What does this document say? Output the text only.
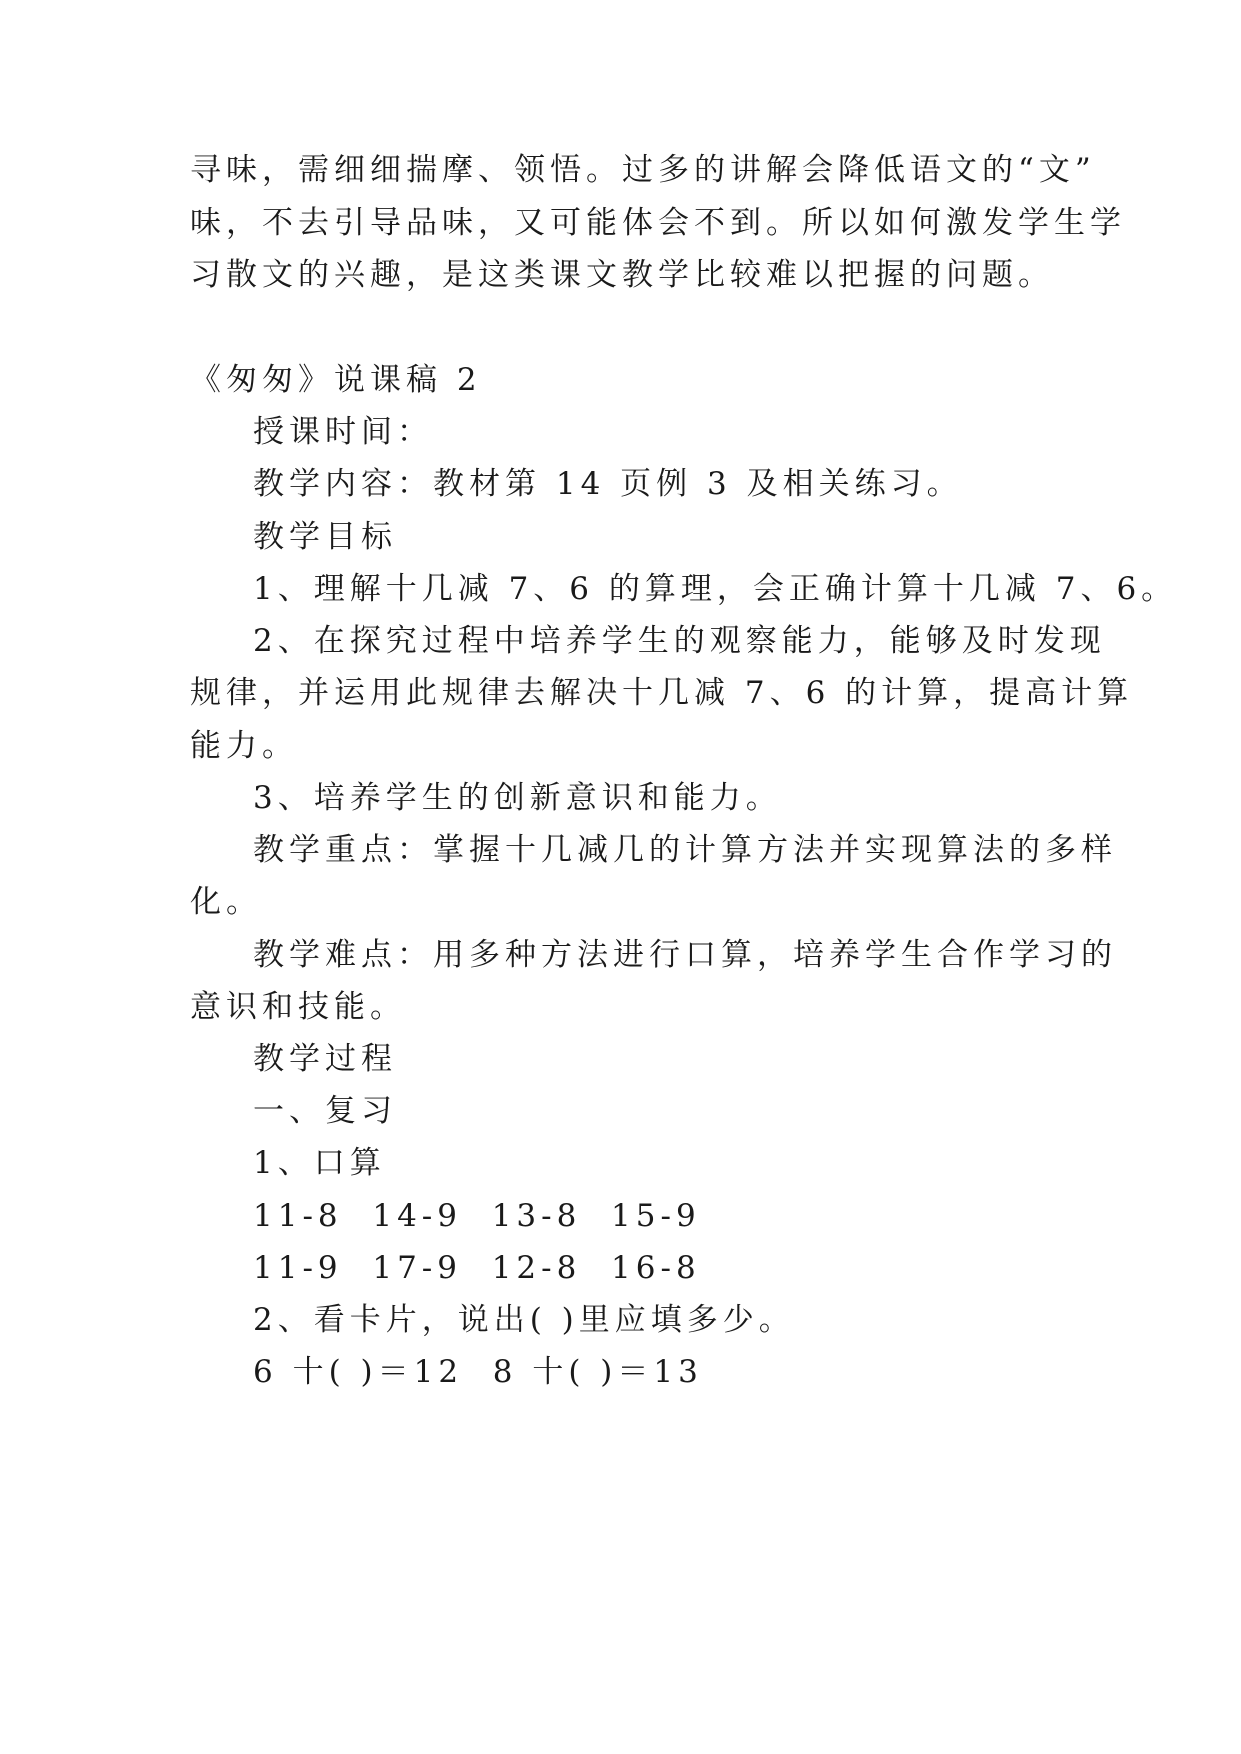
寻味，需细细揣摩、领悟。过多的讲解会降低语文的“文”
味，不去引导品味，又可能体会不到。所以如何激发学生学
习散文的兴趣，是这类课文教学比较难以把握的问题。
《匆匆》说课稿 2
授课时间：
教学内容：教材第 14 页例 3 及相关练习。
教学目标
1、理解十几减 7、6 的算理，会正确计算十几减 7、6。
2、在探究过程中培养学生的观察能力，能够及时发现
规律，并运用此规律去解决十几减 7、6 的计算，提高计算
能力。
3、培养学生的创新意识和能力。
教学重点：掌握十几减几的计算方法并实现算法的多样
化。
教学难点：用多种方法进行口算，培养学生合作学习的
意识和技能。
教学过程
一、复习
1、口算
11-8  14-9  13-8  15-9
11-9  17-9  12-8  16-8
2、看卡片，说出( )里应填多少。
6 十( )＝12  8 十( )＝13
